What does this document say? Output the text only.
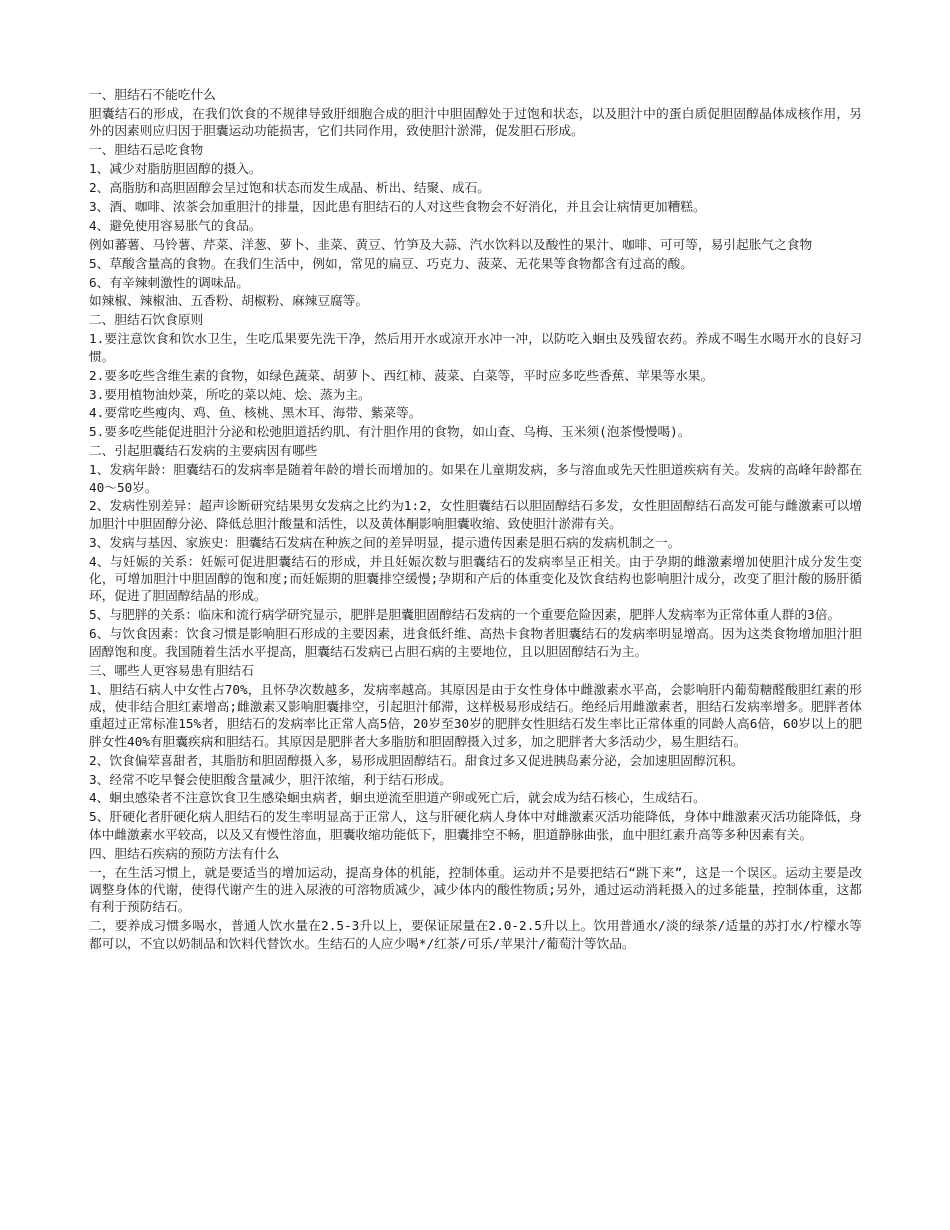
一、胆结石不能吃什么

胆囊结石的形成，在我们饮食的不规律导致肝细胞合成的胆汁中胆固醇处于过饱和状态，以及胆汁中的蛋白质促胆固醇晶体成核作用，另外的因素则应归因于胆囊运动功能损害，它们共同作用，致使胆汁淤滞，促发胆石形成。

一、胆结石忌吃食物

1、减少对脂肪胆固醇的摄入。

2、高脂肪和高胆固醇会呈过饱和状态而发生成晶、析出、结聚、成石。

3、酒、咖啡、浓茶会加重胆汁的排量，因此患有胆结石的人对这些食物会不好消化，并且会让病情更加糟糕。

4、避免使用容易胀气的食品。

例如蕃薯、马铃薯、芹菜、洋葱、萝卜、韭菜、黄豆、竹笋及大蒜、汽水饮料以及酸性的果汁、咖啡、可可等，易引起胀气之食物

5、草酸含量高的食物。在我们生活中，例如，常见的扁豆、巧克力、菠菜、无花果等食物都含有过高的酸。

6、有辛辣刺激性的调味品。

如辣椒、辣椒油、五香粉、胡椒粉、麻辣豆腐等。

二、胆结石饮食原则

1.要注意饮食和饮水卫生，生吃瓜果要先洗干净，然后用开水或凉开水冲一冲，以防吃入蛔虫及残留农药。养成不喝生水喝开水的良好习惯。

2.要多吃些含维生素的食物，如绿色蔬菜、胡萝卜、西红柿、菠菜、白菜等，平时应多吃些香蕉、苹果等水果。

3.要用植物油炒菜，所吃的菜以炖、烩、蒸为主。

4.要常吃些瘦肉、鸡、鱼、核桃、黑木耳、海带、紫菜等。

5.要多吃些能促进胆汁分泌和松弛胆道括约肌、有汁胆作用的食物，如山查、乌梅、玉米须(泡茶慢慢喝)。

二、引起胆囊结石发病的主要病因有哪些

1、发病年龄：胆囊结石的发病率是随着年龄的增长而增加的。如果在儿童期发病，多与溶血或先天性胆道疾病有关。发病的高峰年龄都在40～50岁。

2、发病性别差异：超声诊断研究结果男女发病之比约为1:2，女性胆囊结石以胆固醇结石多发，女性胆固醇结石高发可能与雌激素可以增加胆汁中胆固醇分泌、降低总胆汁酸量和活性，以及黄体酮影响胆囊收缩、致使胆汁淤滞有关。

3、发病与基因、家族史：胆囊结石发病在种族之间的差异明显，提示遗传因素是胆石病的发病机制之一。

4、与妊娠的关系：妊娠可促进胆囊结石的形成，并且妊娠次数与胆囊结石的发病率呈正相关。由于孕期的雌激素增加使胆汁成分发生变化，可增加胆汁中胆固醇的饱和度;而妊娠期的胆囊排空缓慢;孕期和产后的体重变化及饮食结构也影响胆汁成分，改变了胆汁酸的肠肝循环，促进了胆固醇结晶的形成。

5、与肥胖的关系：临床和流行病学研究显示，肥胖是胆囊胆固醇结石发病的一个重要危险因素，肥胖人发病率为正常体重人群的3倍。

6、与饮食因素：饮食习惯是影响胆石形成的主要因素，进食低纤维、高热卡食物者胆囊结石的发病率明显增高。因为这类食物增加胆汁胆固醇饱和度。我国随着生活水平提高，胆囊结石发病已占胆石病的主要地位，且以胆固醇结石为主。

三、哪些人更容易患有胆结石

1、胆结石病人中女性占70%，且怀孕次数越多，发病率越高。其原因是由于女性身体中雌激素水平高，会影响肝内葡萄糖醛酸胆红素的形成，使非结合胆红素增高;雌激素又影响胆囊排空，引起胆汁郁滞，这样极易形成结石。绝经后用雌激素者，胆结石发病率增多。肥胖者体重超过正常标准15%者，胆结石的发病率比正常人高5倍，20岁至30岁的肥胖女性胆结石发生率比正常体重的同龄人高6倍，60岁以上的肥胖女性40%有胆囊疾病和胆结石。其原因是肥胖者大多脂肪和胆固醇摄入过多，加之肥胖者大多活动少，易生胆结石。

2、饮食偏荤喜甜者，其脂肪和胆固醇摄入多，易形成胆固醇结石。甜食过多又促进胰岛素分泌，会加速胆固醇沉积。

3、经常不吃早餐会使胆酸含量减少，胆汗浓缩，利于结石形成。

4、蛔虫感染者不注意饮食卫生感染蛔虫病者，蛔虫逆流至胆道产卵或死亡后，就会成为结石核心，生成结石。

5、肝硬化者肝硬化病人胆结石的发生率明显高于正常人，这与肝硬化病人身体中对雌激素灭活功能降低，身体中雌激素灭活功能降低，身体中雌激素水平较高，以及又有慢性溶血，胆囊收缩功能低下，胆囊排空不畅，胆道静脉曲张，血中胆红素升高等多种因素有关。

四、胆结石疾病的预防方法有什么

一，在生活习惯上，就是要适当的增加运动，提高身体的机能，控制体重。运动并不是要把结石“跳下来”，这是一个误区。运动主要是改调整身体的代谢，使得代谢产生的进入尿液的可溶物质减少，减少体内的酸性物质;另外，通过运动消耗摄入的过多能量，控制体重，这都有利于预防结石。

二，要养成习惯多喝水，普通人饮水量在2.5-3升以上，要保证尿量在2.0-2.5升以上。饮用普通水/淡的绿茶/适量的苏打水/柠檬水等都可以，不宜以奶制品和饮料代替饮水。生结石的人应少喝*/红茶/可乐/苹果汁/葡萄汁等饮品。
